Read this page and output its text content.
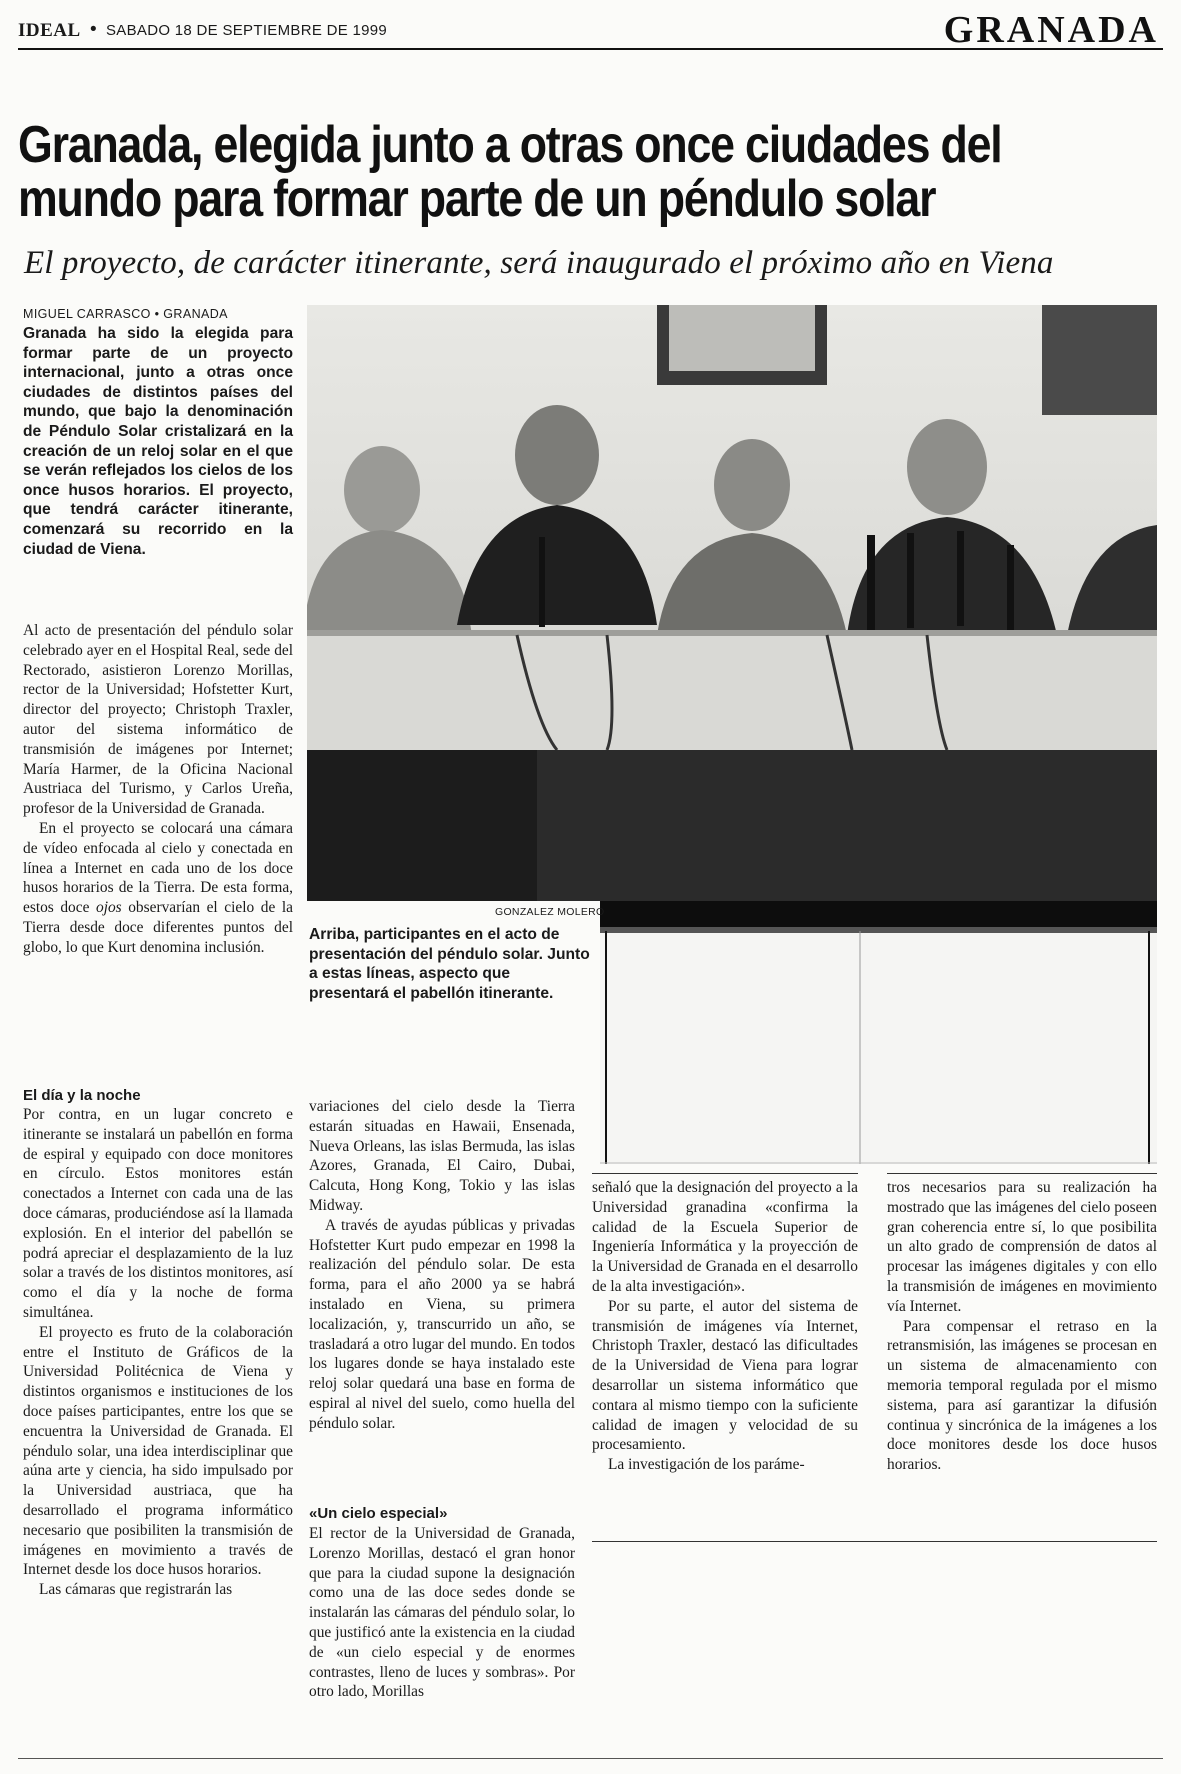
IDEAL • SABADO 18 DE SEPTIEMBRE DE 1999	GRANADA
Granada, elegida junto a otras once ciudades del
mundo para formar parte de un péndulo solar
El proyecto, de carácter itinerante, será inaugurado el próximo año en Viena
MIGUEL CARRASCO • GRANADA

Granada ha sido la elegida para formar parte de un proyecto internacional, junto a otras once ciudades de distintos países del mundo, que bajo la denominación de Péndulo Solar cristalizará en la creación de un reloj solar en el que se verán reflejados los cielos de los once husos horarios. El proyecto, que tendrá carácter itinerante, comenzará su recorrido en la ciudad de Viena.

Al acto de presentación del péndulo solar celebrado ayer en el Hospital Real, sede del Rectorado, asistieron Lorenzo Morillas, rector de la Universidad; Hofstetter Kurt, director del proyecto; Christoph Traxler, autor del sistema informático de transmisión de imágenes por Internet; María Harmer, de la Oficina Nacional Austriaca del Turismo, y Carlos Ureña, profesor de la Universidad de Granada.

En el proyecto se colocará una cámara de vídeo enfocada al cielo y conectada en línea a Internet en cada uno de los doce husos horarios de la Tierra. De esta forma, estos doce ojos observarían el cielo de la Tierra desde doce diferentes puntos del globo, lo que Kurt denomina inclusión.

El día y la noche

Por contra, en un lugar concreto e itinerante se instalará un pabellón en forma de espiral y equipado con doce monitores en círculo. Estos monitores están conectados a Internet con cada una de las doce cámaras, produciéndose así la llamada explosión. En el interior del pabellón se podrá apreciar el desplazamiento de la luz solar a través de los distintos monitores, así como el día y la noche de forma simultánea.

El proyecto es fruto de la colaboración entre el Instituto de Gráficos de la Universidad Politécnica de Viena y distintos organismos e instituciones de los doce países participantes, entre los que se encuentra la Universidad de Granada. El péndulo solar, una idea interdisciplinar que aúna arte y ciencia, ha sido impulsado por la Universidad austriaca, que ha desarrollado el programa informático necesario que posibiliten la transmisión de imágenes en movimiento a través de Internet desde los doce husos horarios.

Las cámaras que registrarán las

variaciones del cielo desde la Tierra estarán situadas en Hawaii, Ensenada, Nueva Orleans, las islas Bermuda, las islas Azores, Granada, El Cairo, Dubai, Calcuta, Hong Kong, Tokio y las islas Midway.

A través de ayudas públicas y privadas Hofstetter Kurt pudo empezar en 1998 la realización del péndulo solar. De esta forma, para el año 2000 ya se habrá instalado en Viena, su primera localización, y, transcurrido un año, se trasladará a otro lugar del mundo. En todos los lugares donde se haya instalado este reloj solar quedará una base en forma de espiral al nivel del suelo, como huella del péndulo solar.

«Un cielo especial»

El rector de la Universidad de Granada, Lorenzo Morillas, destacó el gran honor que para la ciudad supone la designación como una de las doce sedes donde se instalarán las cámaras del péndulo solar, lo que justificó ante la existencia en la ciudad de «un cielo especial y de enormes contrastes, lleno de luces y sombras». Por otro lado, Morillas

señaló que la designación del proyecto a la Universidad granadina «confirma la calidad de la Escuela Superior de Ingeniería Informática y la proyección de la Universidad de Granada en el desarrollo de la alta investigación».

Por su parte, el autor del sistema de transmisión de imágenes vía Internet, Christoph Traxler, destacó las dificultades de la Universidad de Viena para lograr desarrollar un sistema informático que contara al mismo tiempo con la suficiente calidad de imagen y velocidad de su procesamiento.

La investigación de los paráme-

tros necesarios para su realización ha mostrado que las imágenes del cielo poseen gran coherencia entre sí, lo que posibilita un alto grado de comprensión de datos al procesar las imágenes digitales y con ello la transmisión de imágenes en movimiento vía Internet.

Para compensar el retraso en la retransmisión, las imágenes se procesan en un sistema de almacenamiento con memoria temporal regulada por el mismo sistema, para así garantizar la difusión continua y sincrónica de la imágenes a los doce monitores desde los doce husos horarios.

GONZALEZ MOLERO

Arriba, participantes en el acto de presentación del péndulo solar. Junto a estas líneas, aspecto que presentará el pabellón itinerante.
